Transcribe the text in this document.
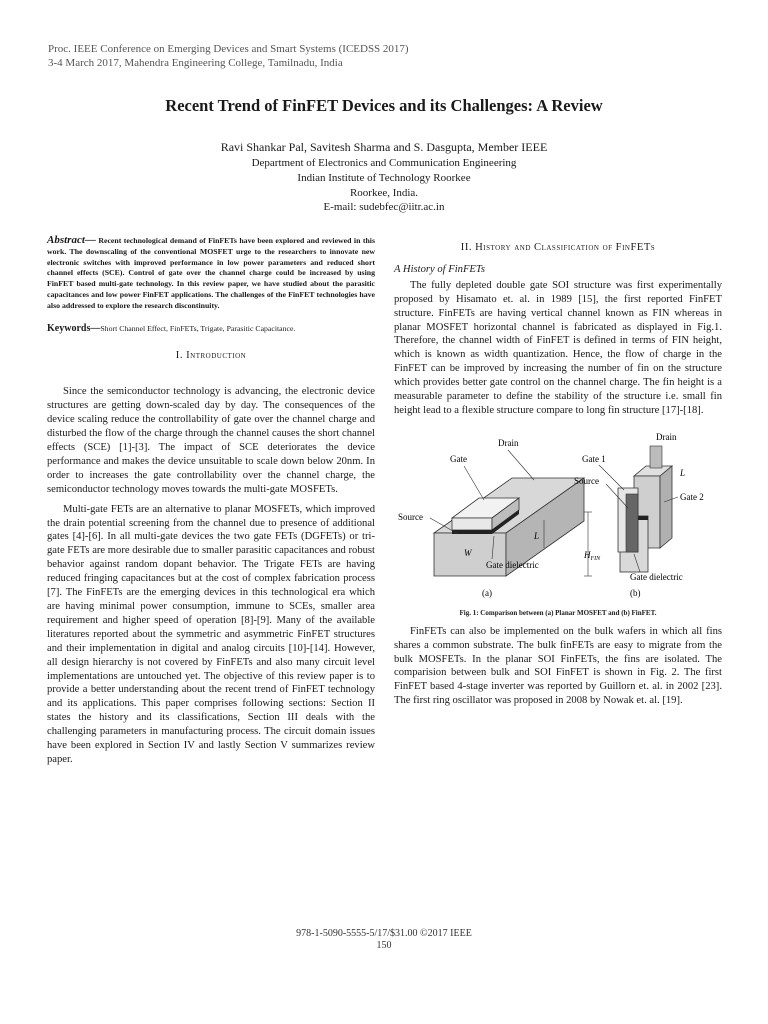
Proc. IEEE Conference on Emerging Devices and Smart Systems (ICEDSS 2017)
3-4 March 2017, Mahendra Engineering College, Tamilnadu, India
Recent Trend of FinFET Devices and its Challenges: A Review
Ravi Shankar Pal, Savitesh Sharma and S. Dasgupta, Member IEEE
Department of Electronics and Communication Engineering
Indian Institute of Technology Roorkee
Roorkee, India.
E-mail: sudebfec@iitr.ac.in
Abstract— Recent technological demand of FinFETs have been explored and reviewed in this work. The downscaling of the conventional MOSFET urge to the researchers to innovate new electronic switches with improved performance in low power parameters and reduced short channel effects (SCE). Control of gate over the channel charge could be increased by using FinFET based multi-gate technology. In this review paper, we have studied about the parasitic capacitances and low power FinFET applications. The challenges of the FinFET technologies have also addressed to explore the research discontinuity.
Keywords—Short Channel Effect, FinFETs, Trigate, Parasitic Capacitance.
I. Introduction

Since the semiconductor technology is advancing, the electronic device structures are getting down-scaled day by day. The consequences of the device scaling reduce the controllability of gate over the channel charge and disturbed the flow of the charge through the channel causes the short channel effects (SCE) [1]-[3]. The impact of SCE deteriorates the device performance and makes the device unsuitable to scale down below 20nm. In order to increases the gate controllability over the channel charge, the semiconductor technology moves towards the multi-gate MOSFETs.

Multi-gate FETs are an alternative to planar MOSFETs, which improved the drain potential screening from the channel due to presence of additional gates [4]-[6]. In all multi-gate devices the two gate FETs (DGFETs) or tri-gate FETs are more desirable due to smaller parasitic capacitances and robust behavior against random dopant behavior. The Trigate FETs are having reduced fringing capacitances but at the cost of complex fabrication process [7]. The FinFETs are the emerging devices in this technological era which are having minimal power consumption, immune to SCEs, smaller area requirement and higher speed of operation [8]-[9]. Many of the available literatures reported about the symmetric and asymmetric FinFET structures and their implementation in digital and analog circuits [10]-[14]. However, all design hierarchy is not covered by FinFETs and also many circuit level implementations are untouched yet. The objective of this review paper is to provide a better understanding about the recent trend of FinFET technology and its applications. This paper comprises following sections: Section II states the history and its classifications, Section III deals with the challenging parameters in manufacturing process. The circuit domain issues have been explored in Section IV and lastly Section V summarizes review paper.

II. History and Classification of FinFETs
A History of FinFETs

The fully depleted double gate SOI structure was first experimentally proposed by Hisamato et. al. in 1989 [15], the first reported FinFET structure. FinFETs are having vertical channel known as FIN whereas in planar MOSFET horizontal channel is fabricated as displayed in Fig.1. Therefore, the channel width of FinFET is defined in terms of FIN height, which is known as width quantization. Hence, the flow of charge in the FinFET can be improved by increasing the number of fin on the structure which provides better gate control on the channel charge. The fin height is a measurable parameter to define the stability of the structure i.e. small fin height lead to a flexible structure compare to long fin structure [17]-[18].

Drain
Gate
Source
L
W
Gate dielectric
(a)
Drain
Gate 1
Source
L
Gate 2
$H_{FIN}$
Gate dielectric
(b)
Fig. 1: Comparison between (a) Planar MOSFET and (b) FinFET.

FinFETs can also be implemented on the bulk wafers in which all fins shares a common substrate. The bulk finFETs are easy to migrate from the bulk MOSFETs. In the planar SOI FinFETs, the fins are isolated. The comparision between bulk and SOI FinFET is shown in Fig. 2. The first FinFET based 4-stage inverter was reported by Guillorn et. al. in 2002 [23]. The first ring oscillator was proposed in 2008 by Nowak et. al. [19].

978-1-5090-5555-5/17/$31.00 ©2017 IEEE
150
